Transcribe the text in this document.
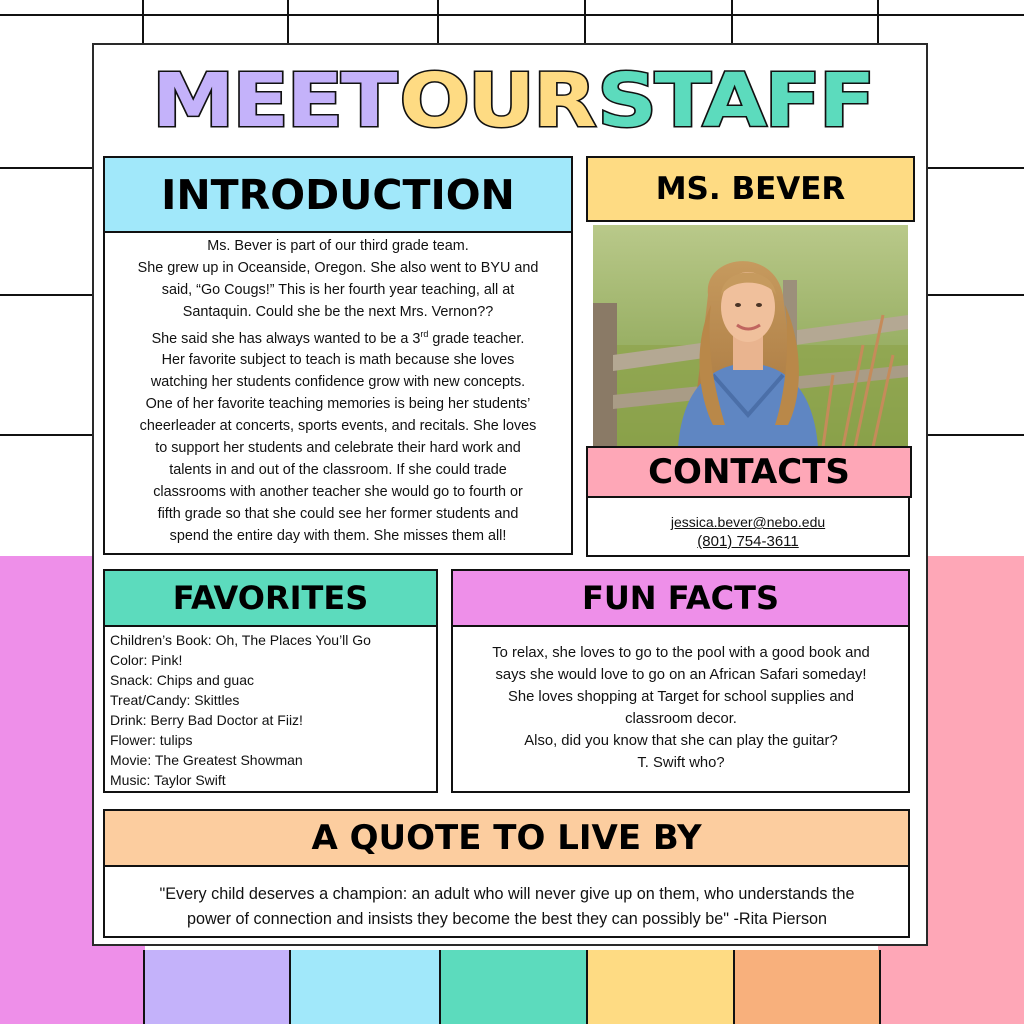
MEET OUR STAFF
INTRODUCTION
Ms. Bever is part of our third grade team.
She grew up in Oceanside, Oregon. She also went to BYU and
said, “Go Cougs!” This is her fourth year teaching, all at
Santaquin. Could she be the next Mrs. Vernon??
She said she has always wanted to be a 3rd grade teacher.
Her favorite subject to teach is math because she loves
watching her students confidence grow with new concepts.
One of her favorite teaching memories is being her students’
cheerleader at concerts, sports events, and recitals. She loves
to support her students and celebrate their hard work and
talents in and out of the classroom. If she could trade
classrooms with another teacher she would go to fourth or
fifth grade so that she could see her former students and
spend the entire day with them. She misses them all!
MS. BEVER
CONTACTS
jessica.bever@nebo.edu
(801) 754-3611
FAVORITES
Children’s Book: Oh, The Places You’ll Go
Color: Pink!
Snack: Chips and guac
Treat/Candy: Skittles
Drink: Berry Bad Doctor at Fiiz!
Flower: tulips
Movie: The Greatest Showman
Music: Taylor Swift
FUN FACTS
To relax, she loves to go to the pool with a good book and
says she would love to go on an African Safari someday!
She loves shopping at Target for school supplies and
classroom decor.
Also, did you know that she can play the guitar?
T. Swift who?
A QUOTE TO LIVE BY
"Every child deserves a champion: an adult who will never give up on them, who understands the
power of connection and insists they become the best they can possibly be" -Rita Pierson
